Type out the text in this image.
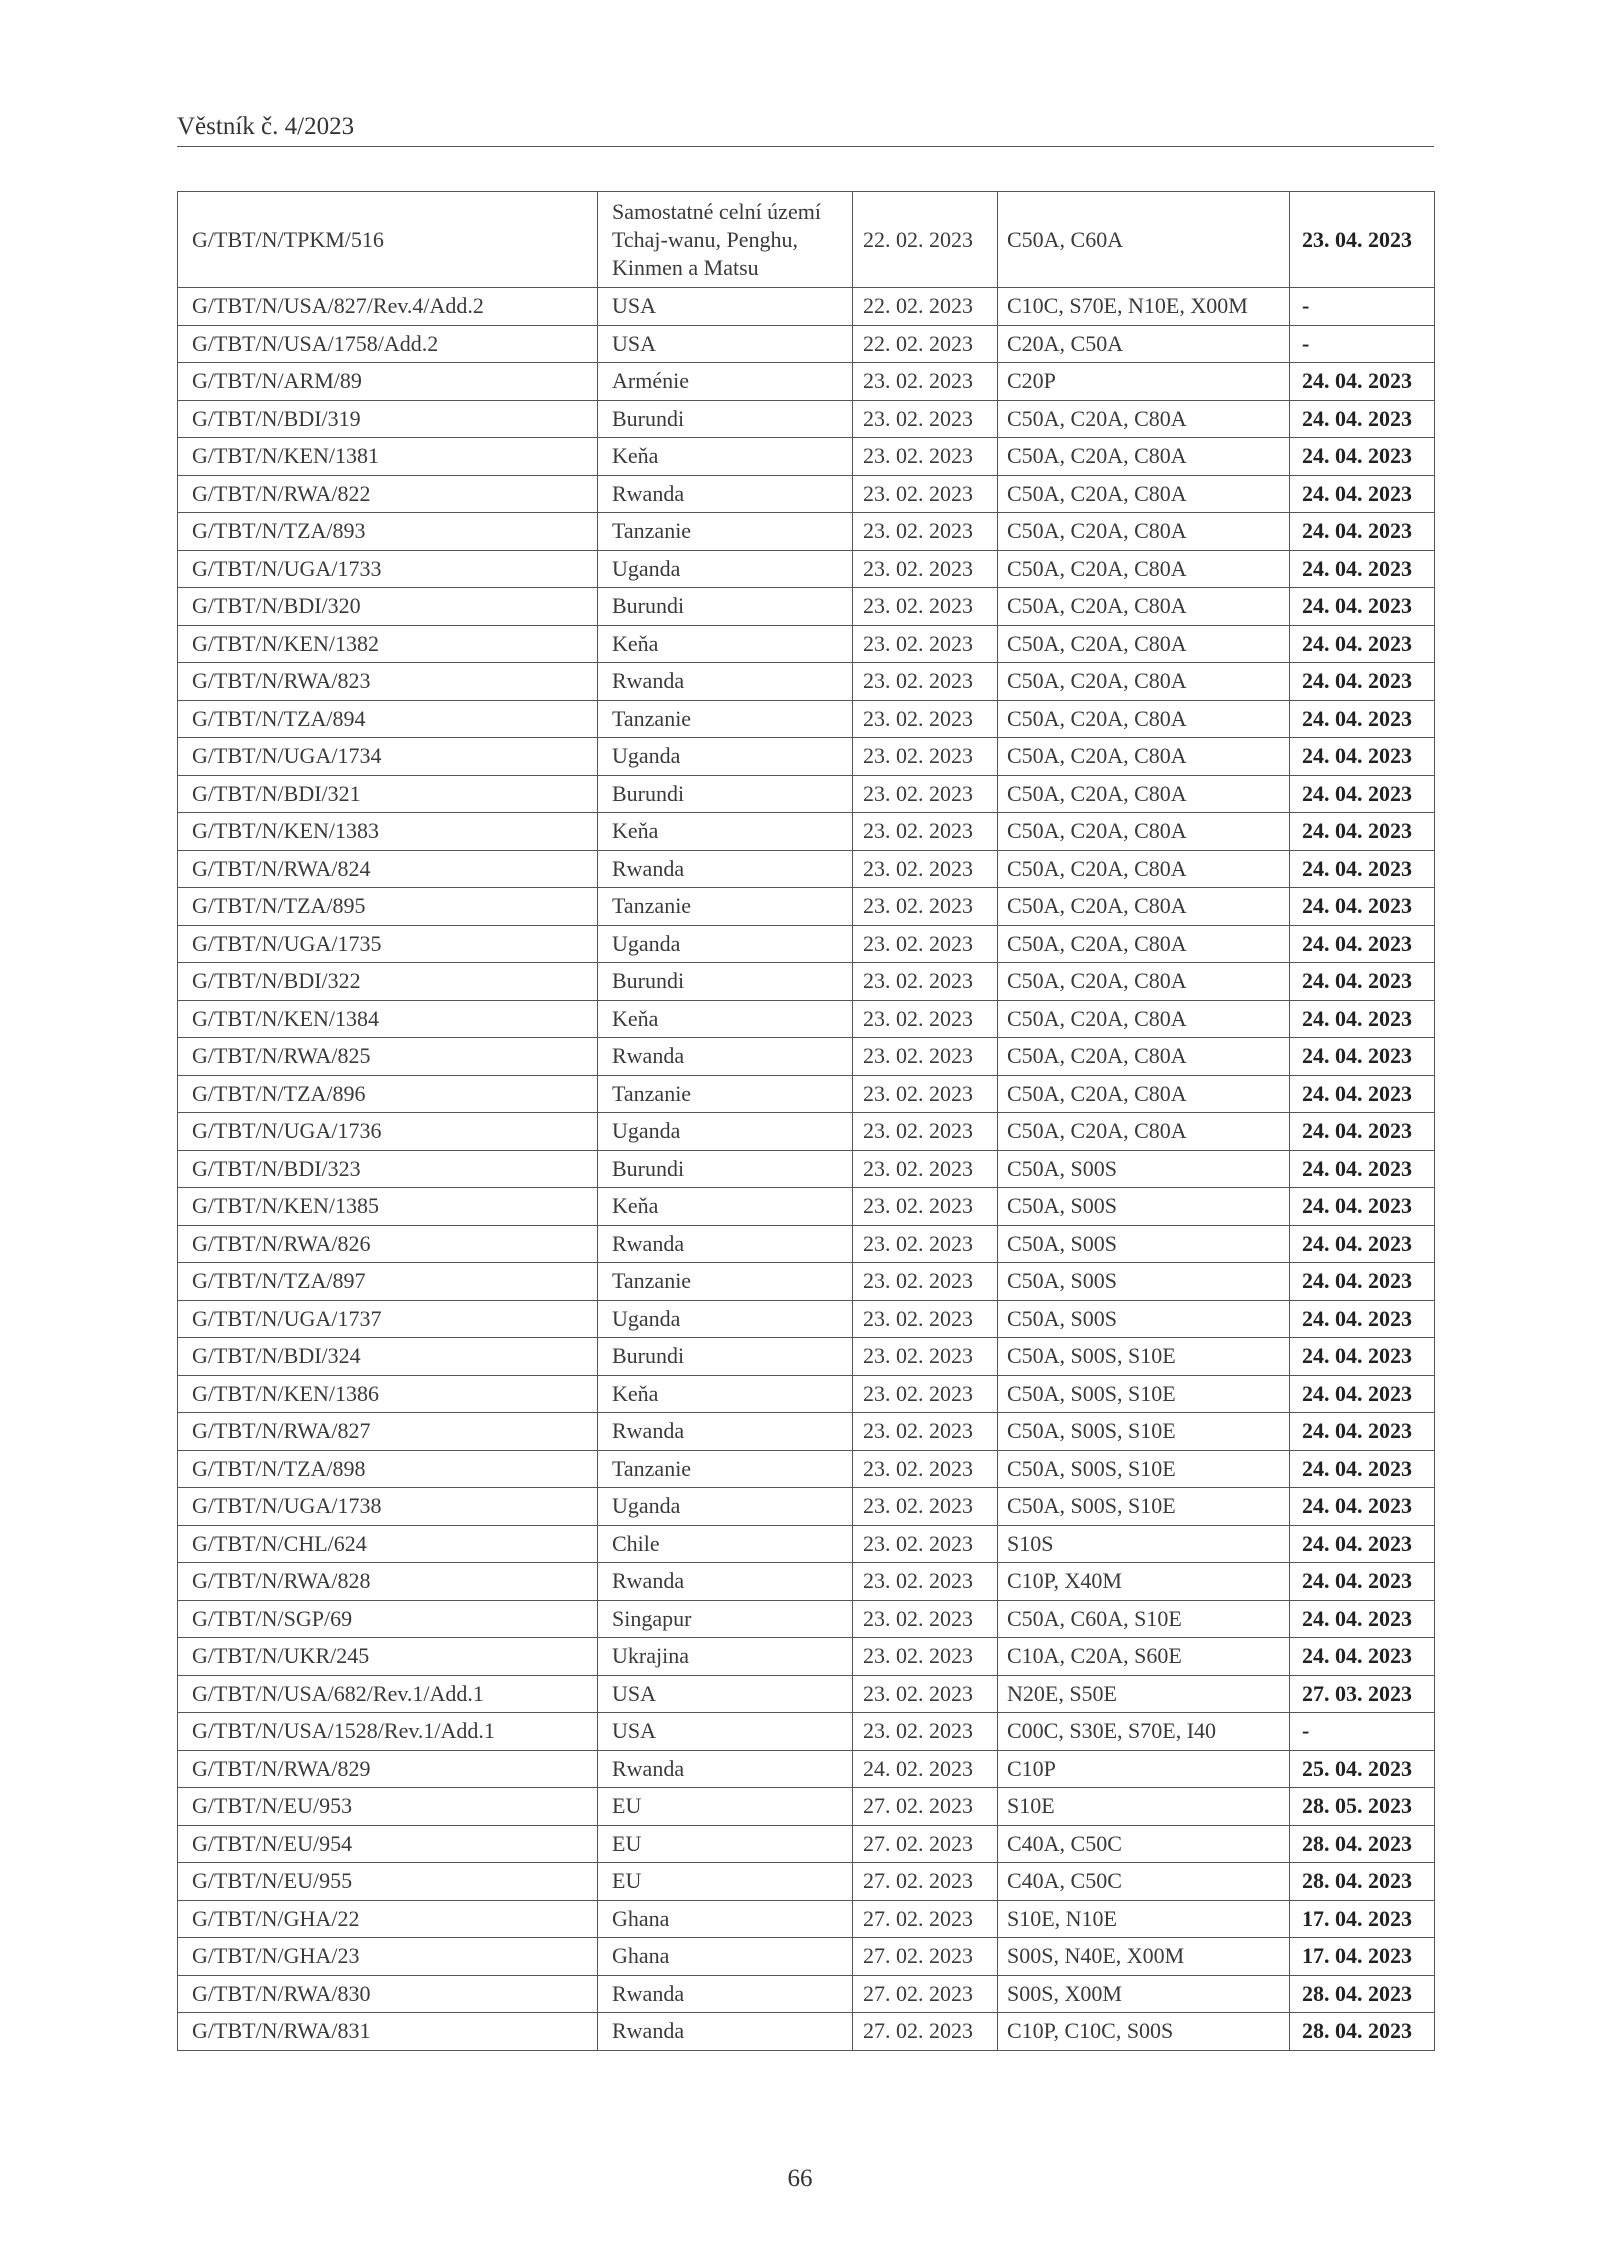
Věstník č. 4/2023
G/TBT/N/TPKM/516	Samostatné celní území Tchaj-wanu, Penghu, Kinmen a Matsu	22. 02. 2023	C50A, C60A	23. 04. 2023
G/TBT/N/USA/827/Rev.4/Add.2	USA	22. 02. 2023	C10C, S70E, N10E, X00M	-
G/TBT/N/USA/1758/Add.2	USA	22. 02. 2023	C20A, C50A	-
G/TBT/N/ARM/89	Arménie	23. 02. 2023	C20P	24. 04. 2023
G/TBT/N/BDI/319	Burundi	23. 02. 2023	C50A, C20A, C80A	24. 04. 2023
G/TBT/N/KEN/1381	Keňa	23. 02. 2023	C50A, C20A, C80A	24. 04. 2023
G/TBT/N/RWA/822	Rwanda	23. 02. 2023	C50A, C20A, C80A	24. 04. 2023
G/TBT/N/TZA/893	Tanzanie	23. 02. 2023	C50A, C20A, C80A	24. 04. 2023
G/TBT/N/UGA/1733	Uganda	23. 02. 2023	C50A, C20A, C80A	24. 04. 2023
G/TBT/N/BDI/320	Burundi	23. 02. 2023	C50A, C20A, C80A	24. 04. 2023
G/TBT/N/KEN/1382	Keňa	23. 02. 2023	C50A, C20A, C80A	24. 04. 2023
G/TBT/N/RWA/823	Rwanda	23. 02. 2023	C50A, C20A, C80A	24. 04. 2023
G/TBT/N/TZA/894	Tanzanie	23. 02. 2023	C50A, C20A, C80A	24. 04. 2023
G/TBT/N/UGA/1734	Uganda	23. 02. 2023	C50A, C20A, C80A	24. 04. 2023
G/TBT/N/BDI/321	Burundi	23. 02. 2023	C50A, C20A, C80A	24. 04. 2023
G/TBT/N/KEN/1383	Keňa	23. 02. 2023	C50A, C20A, C80A	24. 04. 2023
G/TBT/N/RWA/824	Rwanda	23. 02. 2023	C50A, C20A, C80A	24. 04. 2023
G/TBT/N/TZA/895	Tanzanie	23. 02. 2023	C50A, C20A, C80A	24. 04. 2023
G/TBT/N/UGA/1735	Uganda	23. 02. 2023	C50A, C20A, C80A	24. 04. 2023
G/TBT/N/BDI/322	Burundi	23. 02. 2023	C50A, C20A, C80A	24. 04. 2023
G/TBT/N/KEN/1384	Keňa	23. 02. 2023	C50A, C20A, C80A	24. 04. 2023
G/TBT/N/RWA/825	Rwanda	23. 02. 2023	C50A, C20A, C80A	24. 04. 2023
G/TBT/N/TZA/896	Tanzanie	23. 02. 2023	C50A, C20A, C80A	24. 04. 2023
G/TBT/N/UGA/1736	Uganda	23. 02. 2023	C50A, C20A, C80A	24. 04. 2023
G/TBT/N/BDI/323	Burundi	23. 02. 2023	C50A, S00S	24. 04. 2023
G/TBT/N/KEN/1385	Keňa	23. 02. 2023	C50A, S00S	24. 04. 2023
G/TBT/N/RWA/826	Rwanda	23. 02. 2023	C50A, S00S	24. 04. 2023
G/TBT/N/TZA/897	Tanzanie	23. 02. 2023	C50A, S00S	24. 04. 2023
G/TBT/N/UGA/1737	Uganda	23. 02. 2023	C50A, S00S	24. 04. 2023
G/TBT/N/BDI/324	Burundi	23. 02. 2023	C50A, S00S, S10E	24. 04. 2023
G/TBT/N/KEN/1386	Keňa	23. 02. 2023	C50A, S00S, S10E	24. 04. 2023
G/TBT/N/RWA/827	Rwanda	23. 02. 2023	C50A, S00S, S10E	24. 04. 2023
G/TBT/N/TZA/898	Tanzanie	23. 02. 2023	C50A, S00S, S10E	24. 04. 2023
G/TBT/N/UGA/1738	Uganda	23. 02. 2023	C50A, S00S, S10E	24. 04. 2023
G/TBT/N/CHL/624	Chile	23. 02. 2023	S10S	24. 04. 2023
G/TBT/N/RWA/828	Rwanda	23. 02. 2023	C10P, X40M	24. 04. 2023
G/TBT/N/SGP/69	Singapur	23. 02. 2023	C50A, C60A, S10E	24. 04. 2023
G/TBT/N/UKR/245	Ukrajina	23. 02. 2023	C10A, C20A, S60E	24. 04. 2023
G/TBT/N/USA/682/Rev.1/Add.1	USA	23. 02. 2023	N20E, S50E	27. 03. 2023
G/TBT/N/USA/1528/Rev.1/Add.1	USA	23. 02. 2023	C00C, S30E, S70E, I40	-
G/TBT/N/RWA/829	Rwanda	24. 02. 2023	C10P	25. 04. 2023
G/TBT/N/EU/953	EU	27. 02. 2023	S10E	28. 05. 2023
G/TBT/N/EU/954	EU	27. 02. 2023	C40A, C50C	28. 04. 2023
G/TBT/N/EU/955	EU	27. 02. 2023	C40A, C50C	28. 04. 2023
G/TBT/N/GHA/22	Ghana	27. 02. 2023	S10E, N10E	17. 04. 2023
G/TBT/N/GHA/23	Ghana	27. 02. 2023	S00S, N40E, X00M	17. 04. 2023
G/TBT/N/RWA/830	Rwanda	27. 02. 2023	S00S, X00M	28. 04. 2023
G/TBT/N/RWA/831	Rwanda	27. 02. 2023	C10P, C10C, S00S	28. 04. 2023
66
